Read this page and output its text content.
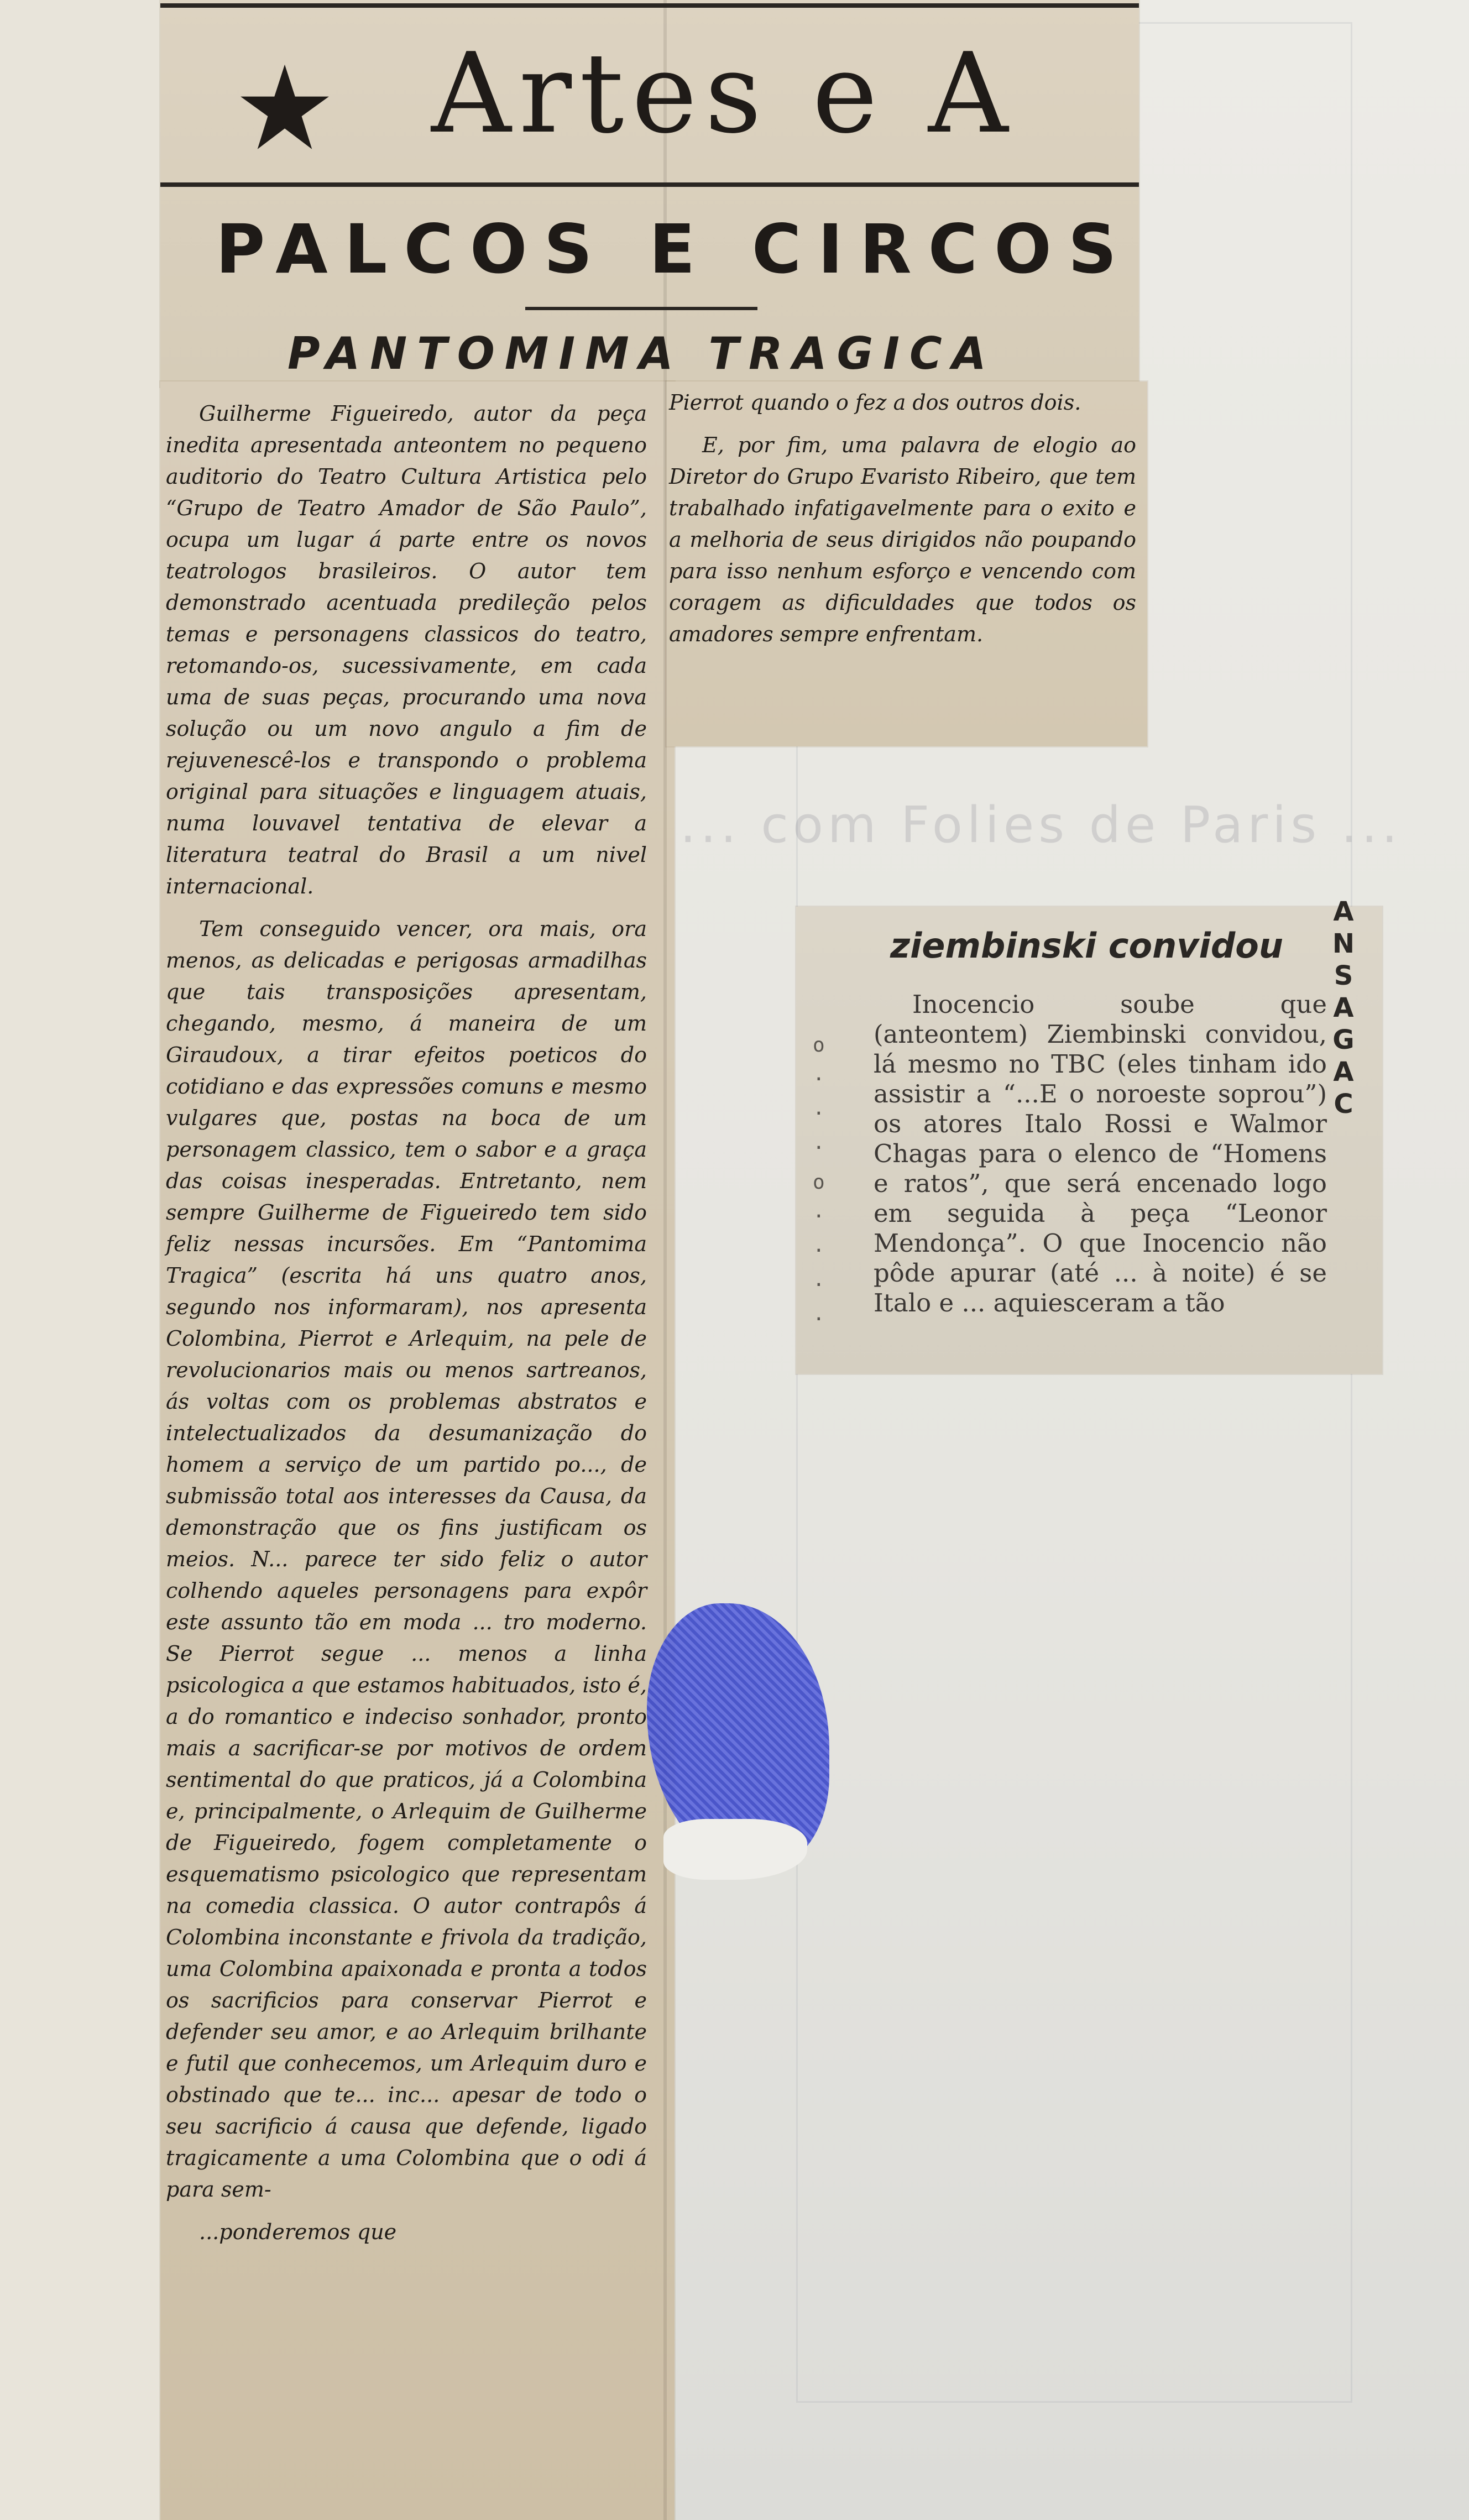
... com Folies de Paris ...
Artes e A
PALCOS E CIRCOS
PANTOMIMA TRAGICA

Guilherme Figueiredo, autor da peça inedita apresentada anteontem no pequeno auditorio do Teatro Cultura Artistica pelo “Grupo de Teatro Amador de São Paulo”, ocupa um lugar á parte entre os novos teatrologos brasileiros. O autor tem demonstrado acentuada predileção pelos temas e personagens classicos do teatro, retomando-os, sucessivamente, em cada uma de suas peças, procurando uma nova solução ou um novo angulo a fim de rejuvenescê-los e transpondo o problema original para situações e linguagem atuais, numa louvavel tentativa de elevar a literatura teatral do Brasil a um nivel internacional.

Tem conseguido vencer, ora mais, ora menos, as delicadas e perigosas armadilhas que tais transposições apresentam, chegando, mesmo, á maneira de um Giraudoux, a tirar efeitos poeticos do cotidiano e das expressões comuns e mesmo vulgares que, postas na boca de um personagem classico, tem o sabor e a graça das coisas inesperadas. Entretanto, nem sempre Guilherme de Figueiredo tem sido feliz nessas incursões. Em “Pantomima Tragica” (escrita há uns quatro anos, segundo nos informaram), nos apresenta Colombina, Pierrot e Arlequim, na pele de revolucionarios mais ou menos sartreanos, ás voltas com os problemas abstratos e intelectualizados da desumanização do homem a serviço de um partido po..., de submissão total aos interesses da Causa, da demonstração que os fins justificam os meios. N... parece ter sido feliz o autor colhendo aqueles personagens para expôr este assunto tão em moda ... tro moderno. Se Pierrot segue ... menos a linha psicologica a que estamos habituados, isto é, a do romantico e indeciso sonhador, pronto mais a sacrificar-se por motivos de ordem sentimental do que praticos, já a Colombina e, principalmente, o Arlequim de Guilherme de Figueiredo, fogem completamente o esquematismo psicologico que representam na comedia classica. O autor contrapôs á Colombina inconstante e frivola da tradição, uma Colombina apaixonada e pronta a todos os sacrificios para conservar Pierrot e defender seu amor, e ao Arlequim brilhante e futil que conhecemos, um Arlequim duro e obstinado que te... inc... apesar de todo o seu sacrificio á causa que defende, ligado tragicamente a uma Colombina que o odi á para sem-

...ponderemos que

Pierrot quando o fez a dos outros dois.

E, por fim, uma palavra de elogio ao Diretor do Grupo Evaristo Ribeiro, que tem trabalhado infatigavelmente para o exito e a melhoria de seus dirigidos não poupando para isso nenhum esforço e vencendo com coragem as dificuldades que todos os amadores sempre enfrentam.

ziembinski convidou

Inocencio soube que (anteontem) Ziembinski convidou, lá mesmo no TBC (eles tinham ido assistir a “...E o noroeste soprou”) os atores Italo Rossi e Walmor Chagas para o elenco de “Homens e ratos”, que será encenado logo em seguida à peça “Leonor Mendonça”. O que Inocencio não pôde apurar (até ... à noite) é se Italo e ... aquiesceram a tão

ANSAGAC
o
·
·
·
o
·
·
·
·
